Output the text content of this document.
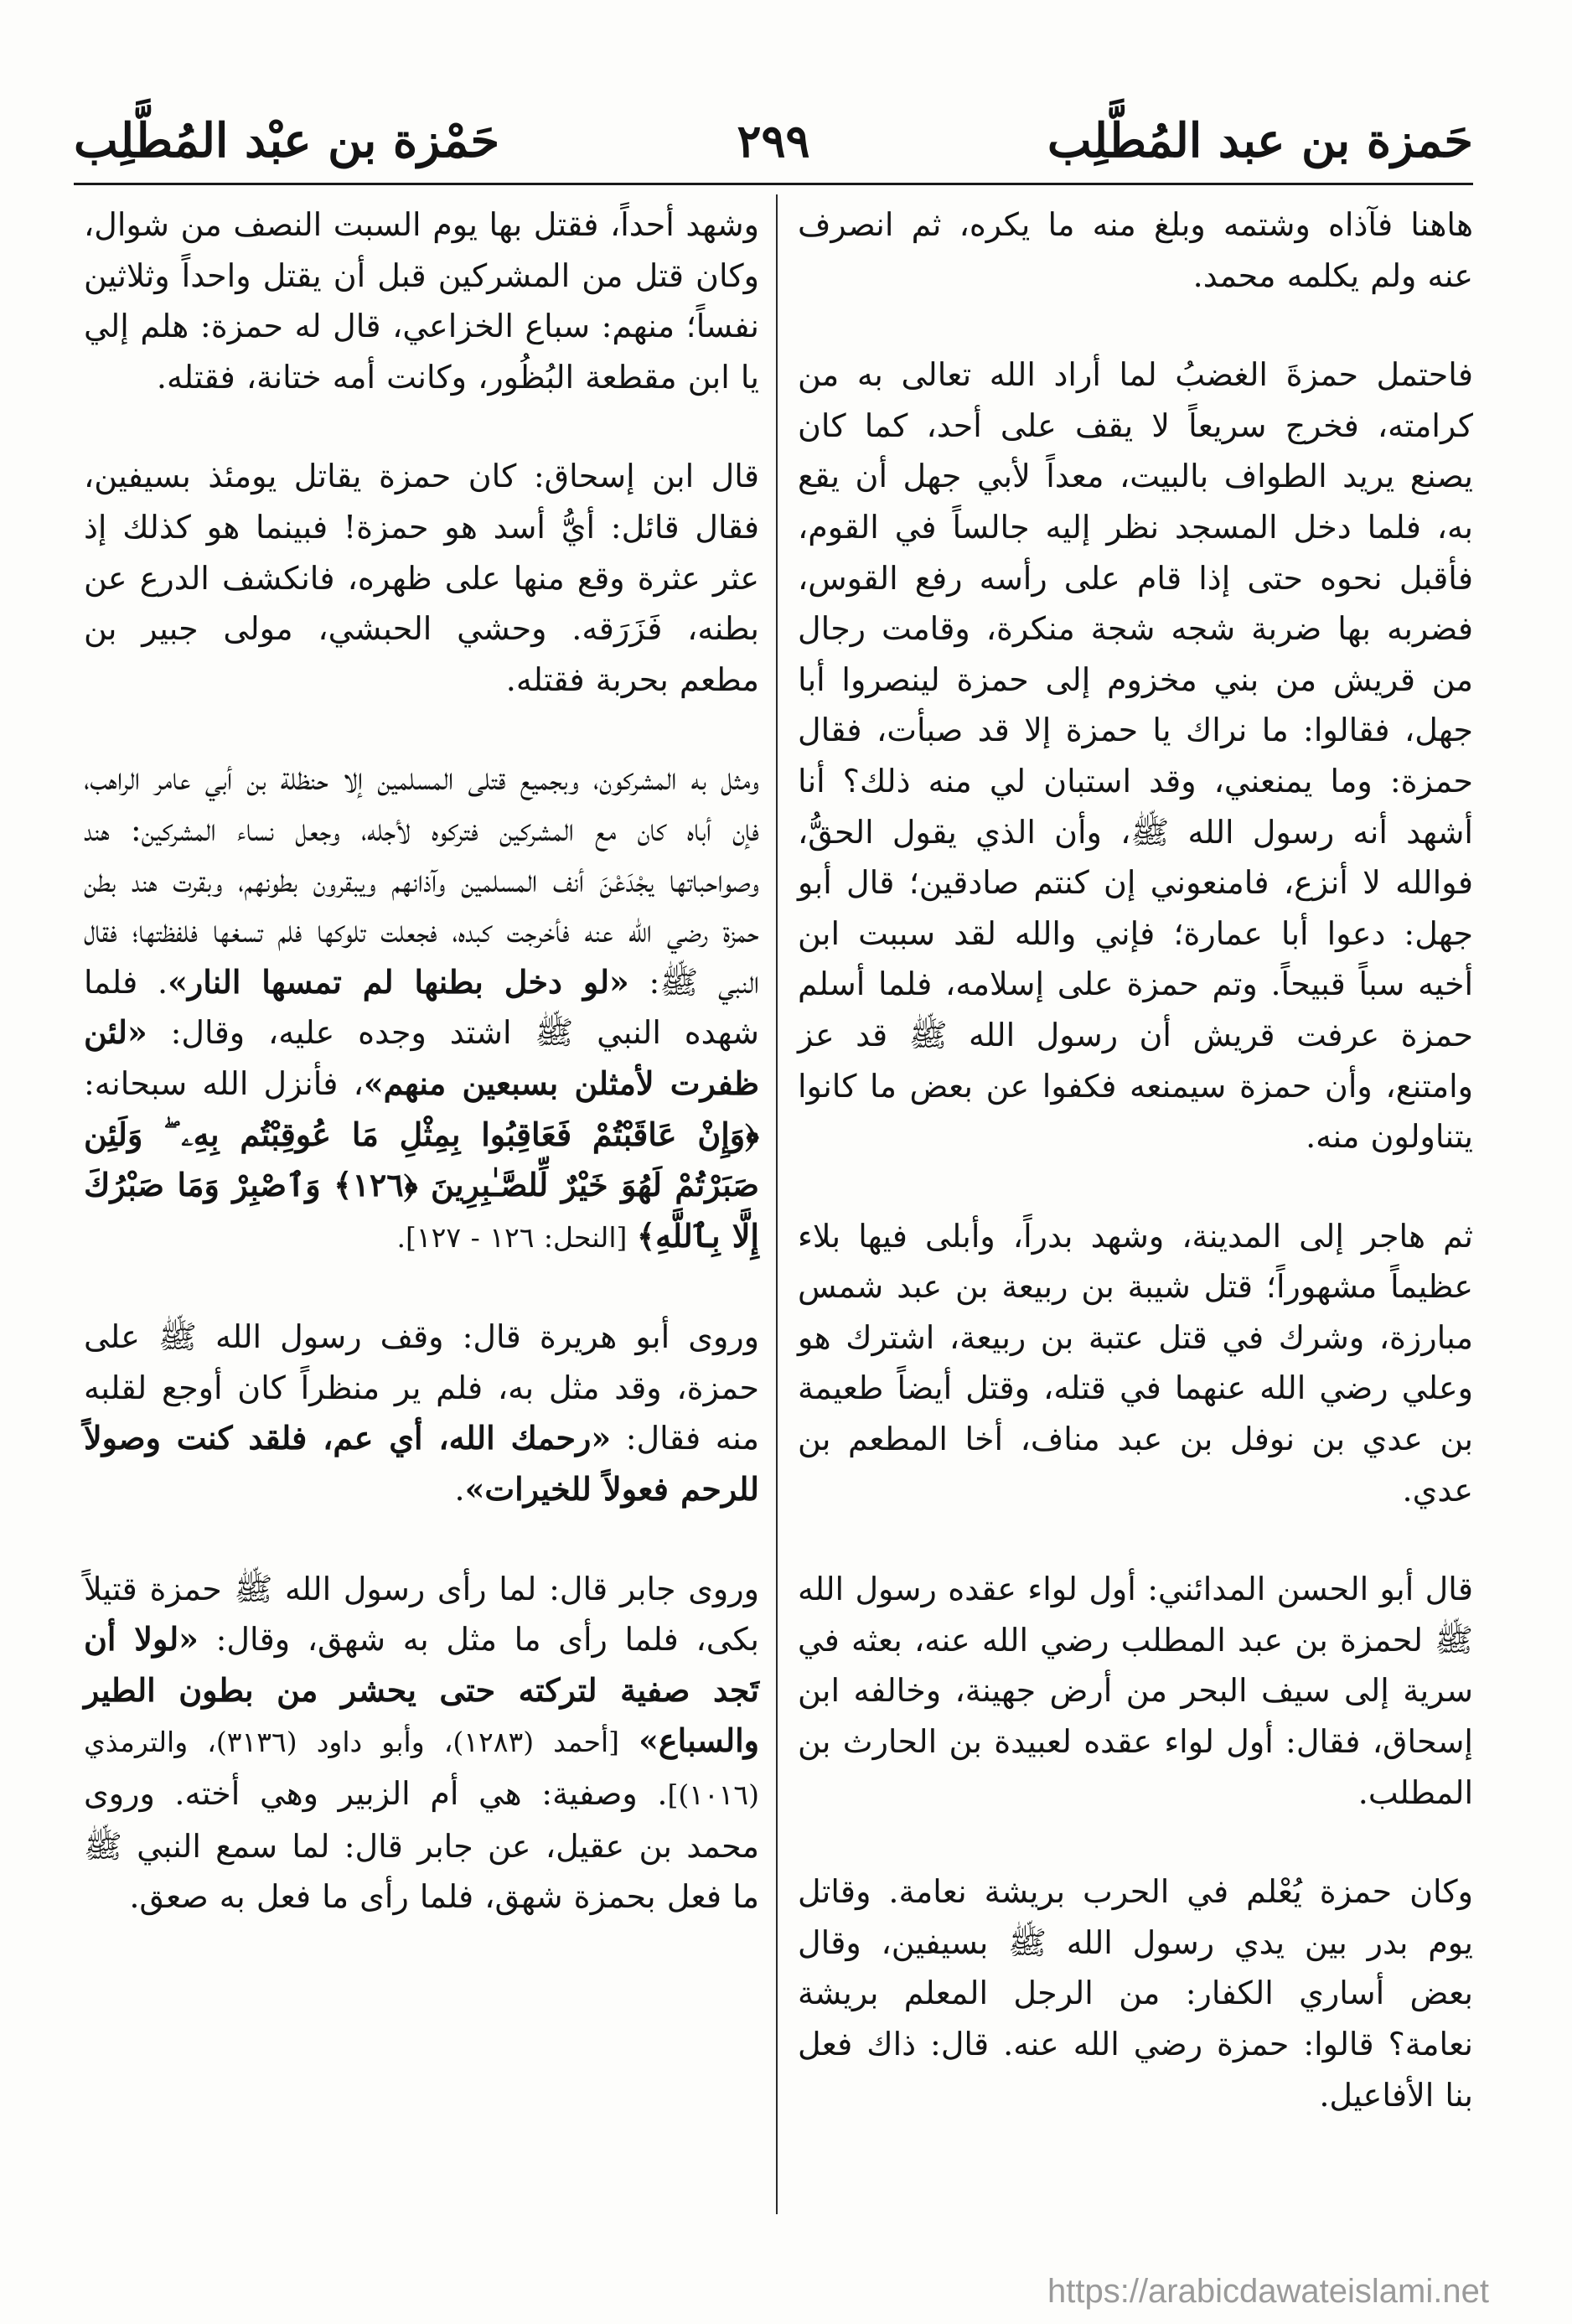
حَمزة بن عبد المُطَّلِب
٢٩٩
حَمْزة بن عبْد المُطَّلِب

هاهنا فآذاه وشتمه وبلغ منه ما يكره، ثم انصرف عنه ولم يكلمه محمد.

فاحتمل حمزةَ الغضبُ لما أراد الله تعالى به من كرامته، فخرج سريعاً لا يقف على أحد، كما كان يصنع يريد الطواف بالبيت، معداً لأبي جهل أن يقع به، فلما دخل المسجد نظر إليه جالساً في القوم، فأقبل نحوه حتى إذا قام على رأسه رفع القوس، فضربه بها ضربة شجه شجة منكرة، وقامت رجال من قريش من بني مخزوم إلى حمزة لينصروا أبا جهل، فقالوا: ما نراك يا حمزة إلا قد صبأت، فقال حمزة: وما يمنعني، وقد استبان لي منه ذلك؟ أنا أشهد أنه رسول الله ﷺ، وأن الذي يقول الحقُّ، فوالله لا أنزع، فامنعوني إن كنتم صادقين؛ قال أبو جهل: دعوا أبا عمارة؛ فإني والله لقد سببت ابن أخيه سباً قبيحاً. وتم حمزة على إسلامه، فلما أسلم حمزة عرفت قريش أن رسول الله ﷺ قد عز وامتنع، وأن حمزة سيمنعه فكفوا عن بعض ما كانوا يتناولون منه.

ثم هاجر إلى المدينة، وشهد بدراً، وأبلى فيها بلاء عظيماً مشهوراً؛ قتل شيبة بن ربيعة بن عبد شمس مبارزة، وشرك في قتل عتبة بن ربيعة، اشترك هو وعلي رضي الله عنهما في قتله، وقتل أيضاً طعيمة بن عدي بن نوفل بن عبد مناف، أخا المطعم بن عدي.

قال أبو الحسن المدائني: أول لواء عقده رسول الله ﷺ لحمزة بن عبد المطلب رضي الله عنه، بعثه في سرية إلى سيف البحر من أرض جهينة، وخالفه ابن إسحاق، فقال: أول لواء عقده لعبيدة بن الحارث بن المطلب.

وكان حمزة يُعْلم في الحرب بريشة نعامة. وقاتل يوم بدر بين يدي رسول الله ﷺ بسيفين، وقال بعض أساري الكفار: من الرجل المعلم بريشة نعامة؟ قالوا: حمزة رضي الله عنه. قال: ذاك فعل بنا الأفاعيل.

وشهد أحداً، فقتل بها يوم السبت النصف من شوال، وكان قتل من المشركين قبل أن يقتل واحداً وثلاثين نفساً؛ منهم: سباع الخزاعي، قال له حمزة: هلم إلي يا ابن مقطعة البُظُور، وكانت أمه ختانة، فقتله.

قال ابن إسحاق: كان حمزة يقاتل يومئذ بسيفين، فقال قائل: أيُّ أسد هو حمزة! فبينما هو كذلك إذ عثر عثرة وقع منها على ظهره، فانكشف الدرع عن بطنه، فَزَرَقه. وحشي الحبشي، مولى جبير بن مطعم بحربة فقتله.

ومثل به المشركون، وبجميع قتلى المسلمين إلا حنظلة بن أبي عامر الراهب، فإن أباه كان مع المشركين فتركوه لأجله، وجعل نساء المشركين: هند وصواحباتها يجْدَعْنَ أنف المسلمين وآذانهم ويبقرون بطونهم، وبقرت هند بطن حمزة رضي الله عنه فأخرجت كبده، فجعلت تلوكها فلم تسغها فلفظتها؛ فقال النبي ﷺ: «لو دخل بطنها لم تمسها النار». فلما شهده النبي ﷺ اشتد وجده عليه، وقال: «لئن ظفرت لأمثلن بسبعين منهم»، فأنزل الله سبحانه: ﴿وَإِنْ عَاقَبْتُمْ فَعَاقِبُوا بِمِثْلِ مَا عُوقِبْتُم بِهِۦ ۖ وَلَئِن صَبَرْتُمْ لَهُوَ خَيْرٌ لِّلصَّـٰبِرِينَ ﴿١٢٦﴾ وَٱصْبِرْ وَمَا صَبْرُكَ إِلَّا بِٱللَّهِ﴾ [النحل: ١٢٦ - ١٢٧].

وروى أبو هريرة قال: وقف رسول الله ﷺ على حمزة، وقد مثل به، فلم ير منظراً كان أوجع لقلبه منه فقال: «رحمك الله، أي عم، فلقد كنت وصولاً للرحم فعولاً للخيرات».

وروى جابر قال: لما رأى رسول الله ﷺ حمزة قتيلاً بكى، فلما رأى ما مثل به شهق، وقال: «لولا أن تَجد صفية لتركته حتى يحشر من بطون الطير والسباع» [أحمد (١٢٨٣)، وأبو داود (٣١٣٦)، والترمذي (١٠١٦)]. وصفية: هي أم الزبير وهي أخته. وروى محمد بن عقيل، عن جابر قال: لما سمع النبي ﷺ ما فعل بحمزة شهق، فلما رأى ما فعل به صعق.

https://arabicdawateislami.net
